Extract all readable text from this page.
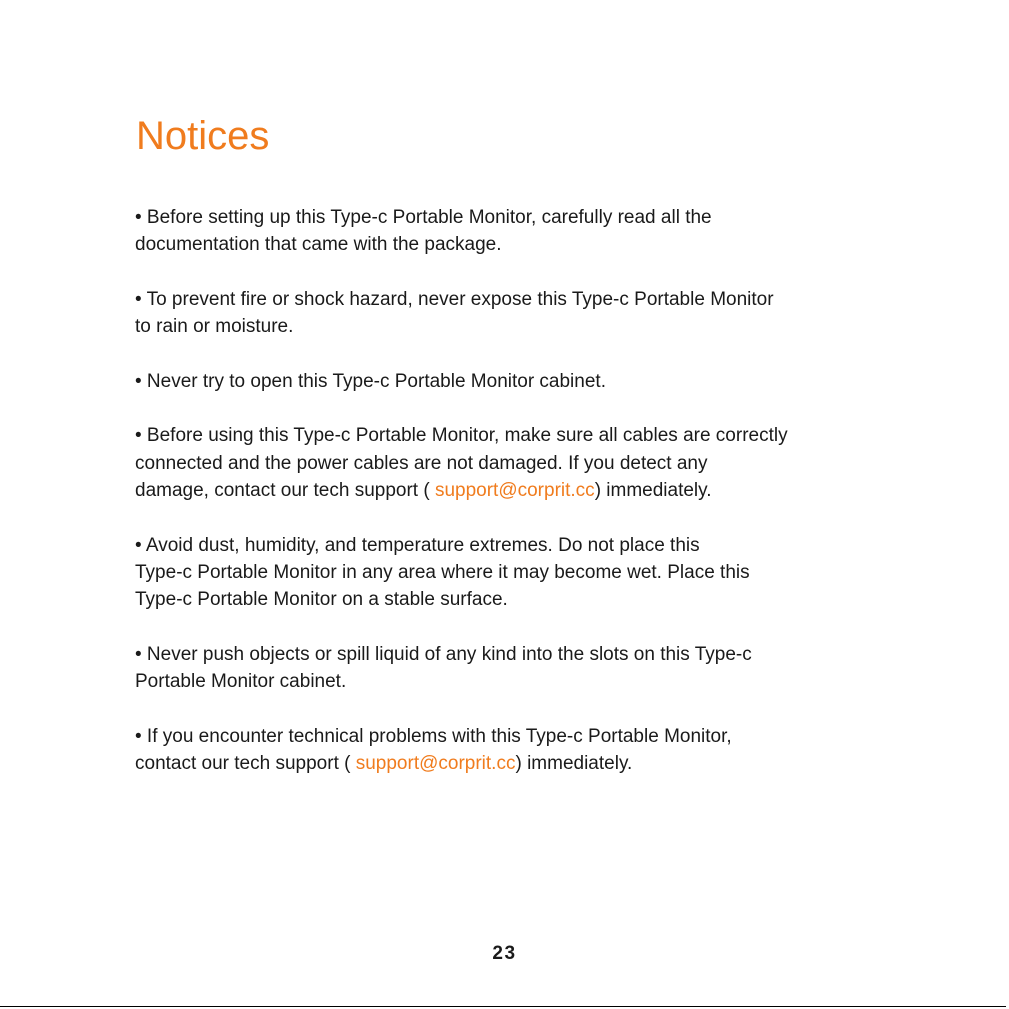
Notices
• Before setting up this Type-c Portable Monitor, carefully read all the
documentation that came with the package.
• To prevent fire or shock hazard, never expose this Type-c Portable Monitor
to rain or moisture.
• Never try to open this Type-c Portable Monitor cabinet.
• Before using this Type-c Portable Monitor, make sure all cables are correctly
connected and the power cables are not damaged. If you detect any
damage, contact our tech support ( support@corprit.cc) immediately.
• Avoid dust, humidity, and temperature extremes. Do not place this
Type-c Portable Monitor in any area where it may become wet. Place this
Type-c Portable Monitor on a stable surface.
• Never push objects or spill liquid of any kind into the slots on this Type-c
Portable Monitor cabinet.
• If you encounter technical problems with this Type-c Portable Monitor,
contact our tech support ( support@corprit.cc) immediately.
23
